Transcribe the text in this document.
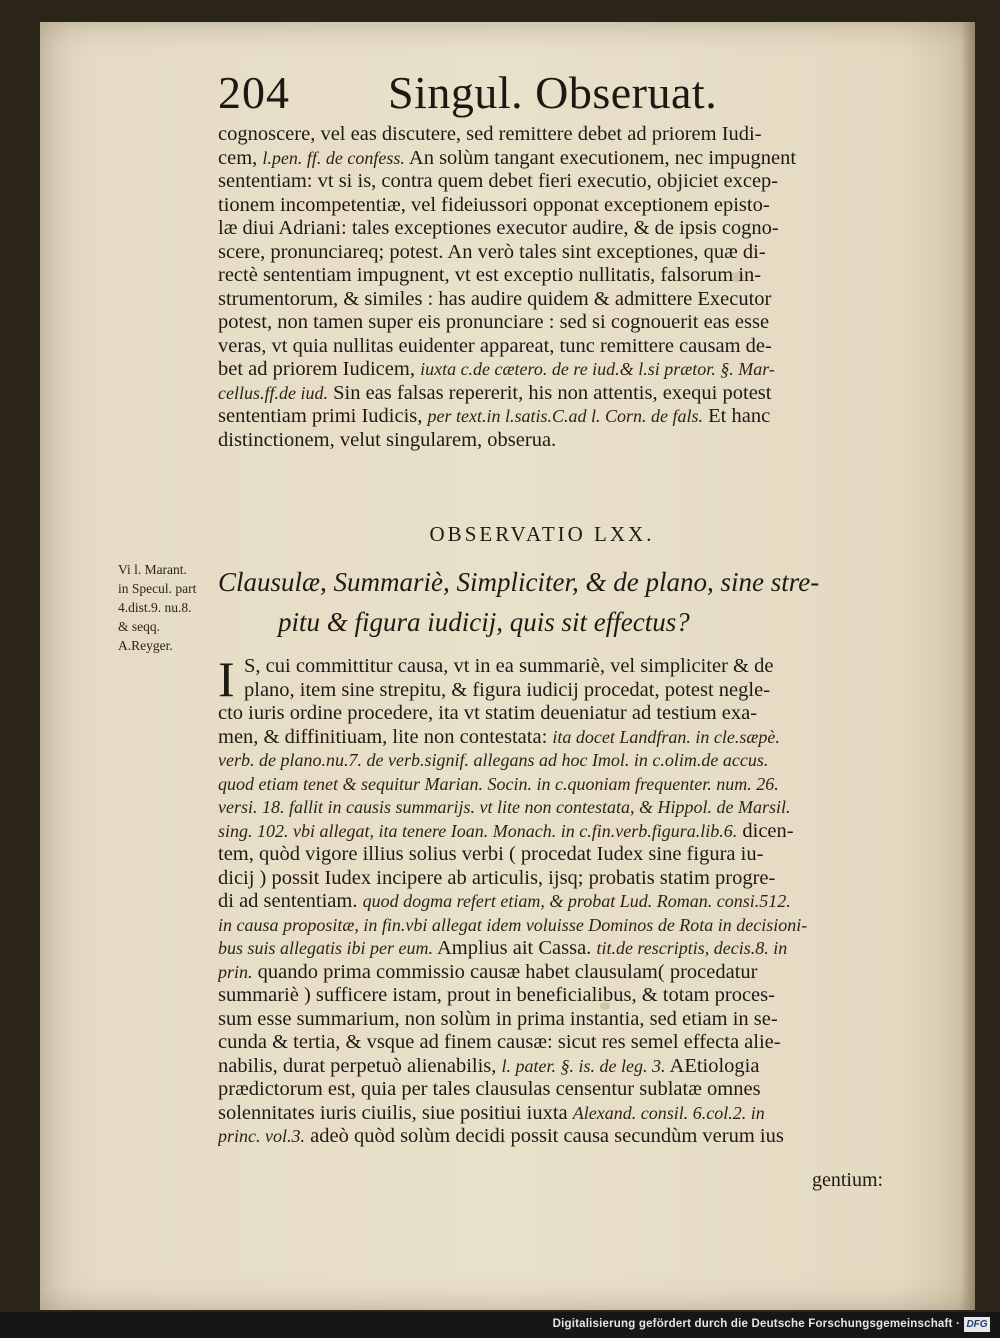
204 Singul. Obseruat.
cognoscere, vel eas discutere, sed remittere debet ad priorem Iudi-
cem, l.pen. ff. de confess. An solùm tangant executionem, nec impugnent
sententiam: vt si is, contra quem debet fieri executio, objiciet excep-
tionem incompetentiæ, vel fideiussori opponat exceptionem episto-
læ diui Adriani: tales exceptiones executor audire, & de ipsis cogno-
scere, pronunciareq; potest. An verò tales sint exceptiones, quæ di-
rectè sententiam impugnent, vt est exceptio nullitatis, falsorum in-
strumentorum, & similes : has audire quidem & admittere Executor
potest, non tamen super eis pronunciare : sed si cognouerit eas esse
veras, vt quia nullitas euidenter appareat, tunc remittere causam de-
bet ad priorem Iudicem, iuxta c.de cætero. de re iud.& l.si prætor. §. Mar-
cellus.ff.de iud. Sin eas falsas repererit, his non attentis, exequi potest
sententiam primi Iudicis, per text.in l.satis.C.ad l. Corn. de fals. Et hanc
distinctionem, velut singularem, obserua.
OBSERVATIO LXX.
Clausulæ, Summariè, Simpliciter, & de plano, sine stre-
pitu & figura iudicij, quis sit effectus?
Vi l. Marant.
in Specul. part
4.dist.9. nu.8.
& seqq.
A.Reyger.
I S, cui committitur causa, vt in ea summariè, vel simpliciter & de
plano, item sine strepitu, & figura iudicij procedat, potest negle-
cto iuris ordine procedere, ita vt statim deueniatur ad testium exa-
men, & diffinitiuam, lite non contestata: ita docet Landfran. in cle.sæpè.
verb. de plano.nu.7. de verb.signif. allegans ad hoc Imol. in c.olim.de accus.
quod etiam tenet & sequitur Marian. Socin. in c.quoniam frequenter. num. 26.
versi. 18. fallit in causis summarijs. vt lite non contestata, & Hippol. de Marsil.
sing. 102. vbi allegat, ita tenere Ioan. Monach. in c.fin.verb.figura.lib.6. dicen-
tem, quòd vigore illius solius verbi ( procedat Iudex sine figura iu-
dicij ) possit Iudex incipere ab articulis, ijsq; probatis statim progre-
di ad sententiam. quod dogma refert etiam, & probat Lud. Roman. consi.512.
in causa propositæ, in fin.vbi allegat idem voluisse Dominos de Rota in decisioni-
bus suis allegatis ibi per eum. Amplius ait Cassa. tit.de rescriptis, decis.8. in
prin. quando prima commissio causæ habet clausulam( procedatur
summariè ) sufficere istam, prout in beneficialibus, & totam proces-
sum esse summarium, non solùm in prima instantia, sed etiam in se-
cunda & tertia, & vsque ad finem causæ: sicut res semel effecta alie-
nabilis, durat perpetuò alienabilis, l. pater. §. is. de leg. 3. AEtiologia
prædictorum est, quia per tales clausulas censentur sublatæ omnes
solennitates iuris ciuilis, siue positiui iuxta Alexand. consil. 6.col.2. in
princ. vol.3. adeò quòd solùm decidi possit causa secundùm verum ius
gentium:
Digitalisierung gefördert durch die Deutsche Forschungsgemeinschaft · DFG
